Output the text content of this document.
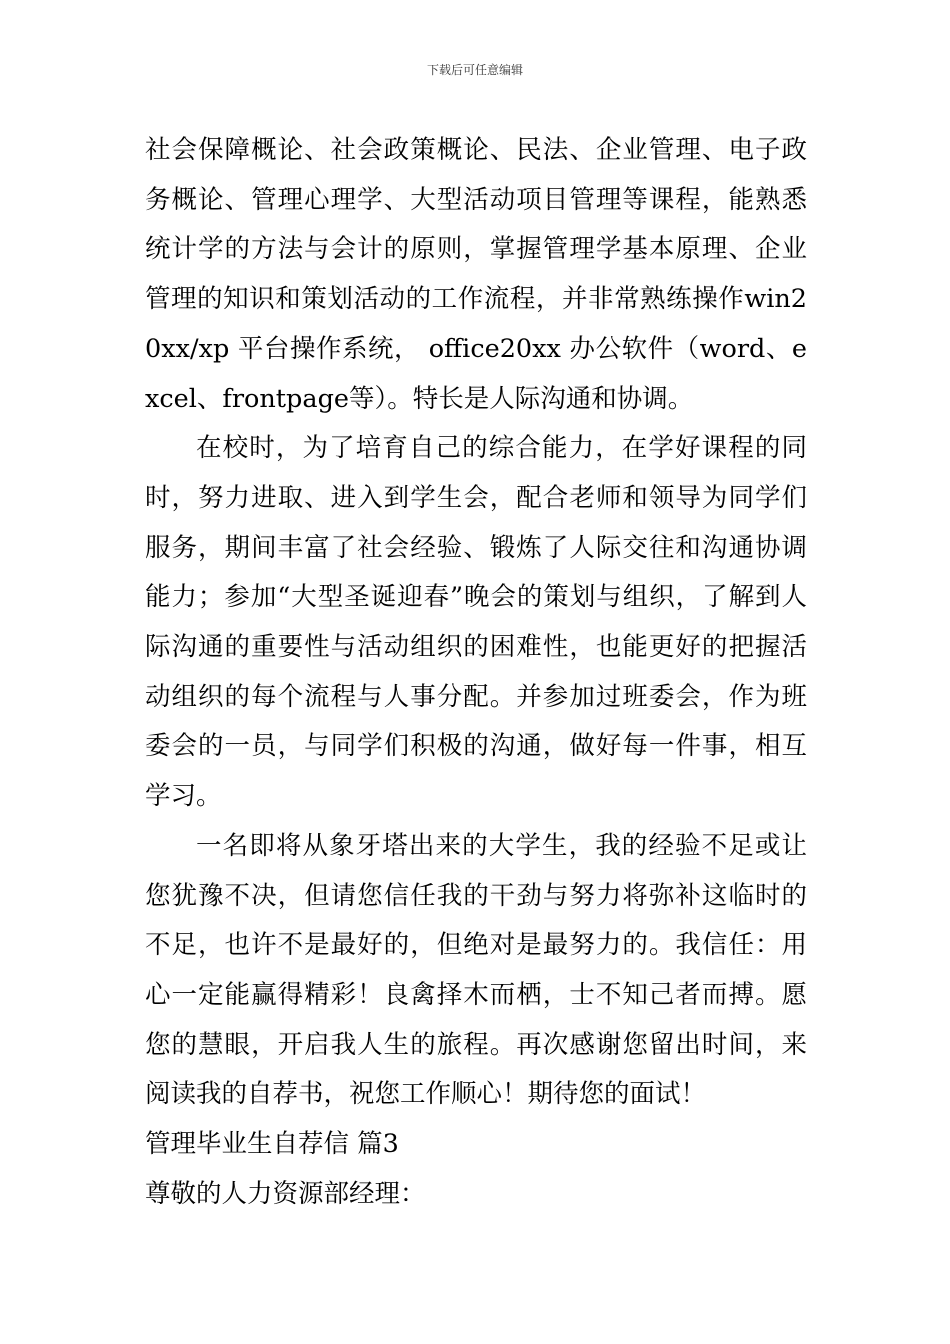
下载后可任意编辑

社会保障概论、社会政策概论、民法、企业管理、电子政务概论、管理心理学、大型活动项目管理等课程，能熟悉统计学的方法与会计的原则，掌握管理学基本原理、企业管理的知识和策划活动的工作流程，并非常熟练操作win20xx/xp 平台操作系统， office20xx 办公软件（word、excel、frontpage等）。特长是人际沟通和协调。

在校时，为了培育自己的综合能力，在学好课程的同时，努力进取、进入到学生会，配合老师和领导为同学们服务，期间丰富了社会经验、锻炼了人际交往和沟通协调能力；参加“大型圣诞迎春”晚会的策划与组织，了解到人际沟通的重要性与活动组织的困难性，也能更好的把握活动组织的每个流程与人事分配。并参加过班委会，作为班委会的一员，与同学们积极的沟通，做好每一件事，相互学习。

一名即将从象牙塔出来的大学生，我的经验不足或让您犹豫不决，但请您信任我的干劲与努力将弥补这临时的不足，也许不是最好的，但绝对是最努力的。我信任：用心一定能赢得精彩！良禽择木而栖，士不知己者而搏。愿您的慧眼，开启我人生的旅程。再次感谢您留出时间，来阅读我的自荐书，祝您工作顺心！期待您的面试！

管理毕业生自荐信 篇3

尊敬的人力资源部经理：
